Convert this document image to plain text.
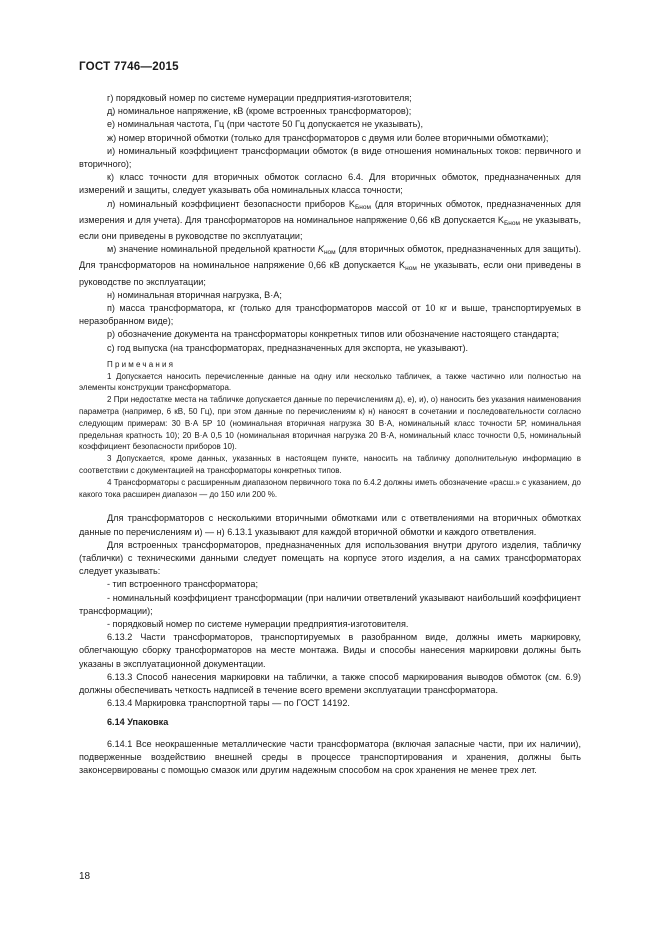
ГОСТ 7746—2015

г) порядковый номер по системе нумерации предприятия-изготовителя;

д) номинальное напряжение, кВ (кроме встроенных трансформаторов);

е) номинальная частота, Гц (при частоте 50 Гц допускается не указывать),

ж) номер вторичной обмотки (только для трансформаторов с двумя или более вторичными обмотками);

и) номинальный коэффициент трансформации обмоток (в виде отношения номинальных токов: первичного и вторичного);

к) класс точности для вторичных обмоток согласно 6.4. Для вторичных обмоток, предназначенных для измерений и защиты, следует указывать оба номинальных класса точности;

л) номинальный коэффициент безопасности приборов $K_{Бном}$ (для вторичных обмоток, предназначенных для измерения и для учета). Для трансформаторов на номинальное напряжение 0,66 кВ допускается $K_{Бном}$ не указывать, если они приведены в руководстве по эксплуатации;

м) значение номинальной предельной кратности $K_{ном}$ (для вторичных обмоток, предназначенных для защиты). Для трансформаторов на номинальное напряжение 0,66 кВ допускается $K_{ном}$ не указывать, если они приведены в руководстве по эксплуатации;

н) номинальная вторичная нагрузка, В·А;

п) масса трансформатора, кг (только для трансформаторов массой от 10 кг и выше, транспортируемых в неразобранном виде);

р) обозначение документа на трансформаторы конкретных типов или обозначение настоящего стандарта;

с) год выпуска (на трансформаторах, предназначенных для экспорта, не указывают).

Примечания

1 Допускается наносить перечисленные данные на одну или несколько табличек, а также частично или полностью на элементы конструкции трансформатора.

2 При недостатке места на табличке допускается данные по перечислениям д), е), и), о) наносить без указания наименования параметра (например, 6 кВ, 50 Гц), при этом данные по перечислениям к) н) наносят в сочетании и последовательности согласно следующим примерам: 30 В·А 5Р 10 (номинальная вторичная нагрузка 30 В·А, номинальный класс точности 5Р, номинальная предельная кратность 10); 20 В·А 0,5 10 (номинальная вторичная нагрузка 20 В·А, номинальный класс точности 0,5, номинальный коэффициент безопасности приборов 10).

3 Допускается, кроме данных, указанных в настоящем пункте, наносить на табличку дополнительную информацию в соответствии с документацией на трансформаторы конкретных типов.

4 Трансформаторы с расширенным диапазоном первичного тока по 6.4.2 должны иметь обозначение «расш.» с указанием, до какого тока расширен диапазон — до 150 или 200 %.

Для трансформаторов с несколькими вторичными обмотками или с ответвлениями на вторичных обмотках данные по перечислениям и) — н) 6.13.1 указывают для каждой вторичной обмотки и каждого ответвления.

Для встроенных трансформаторов, предназначенных для использования внутри другого изделия, табличку (таблички) с техническими данными следует помещать на корпусе этого изделия, а на самих трансформаторах следует указывать:

- тип встроенного трансформатора;

- номинальный коэффициент трансформации (при наличии ответвлений указывают наибольший коэффициент трансформации);

- порядковый номер по системе нумерации предприятия-изготовителя.

6.13.2 Части трансформаторов, транспортируемых в разобранном виде, должны иметь маркировку, облегчающую сборку трансформаторов на месте монтажа. Виды и способы нанесения маркировки должны быть указаны в эксплуатационной документации.

6.13.3 Способ нанесения маркировки на таблички, а также способ маркирования выводов обмоток (см. 6.9) должны обеспечивать четкость надписей в течение всего времени эксплуатации трансформатора.

6.13.4 Маркировка транспортной тары — по ГОСТ 14192.

6.14 Упаковка

6.14.1 Все неокрашенные металлические части трансформатора (включая запасные части, при их наличии), подверженные воздействию внешней среды в процессе транспортирования и хранения, должны быть законсервированы с помощью смазок или другим надежным способом на срок хранения не менее трех лет.

18
